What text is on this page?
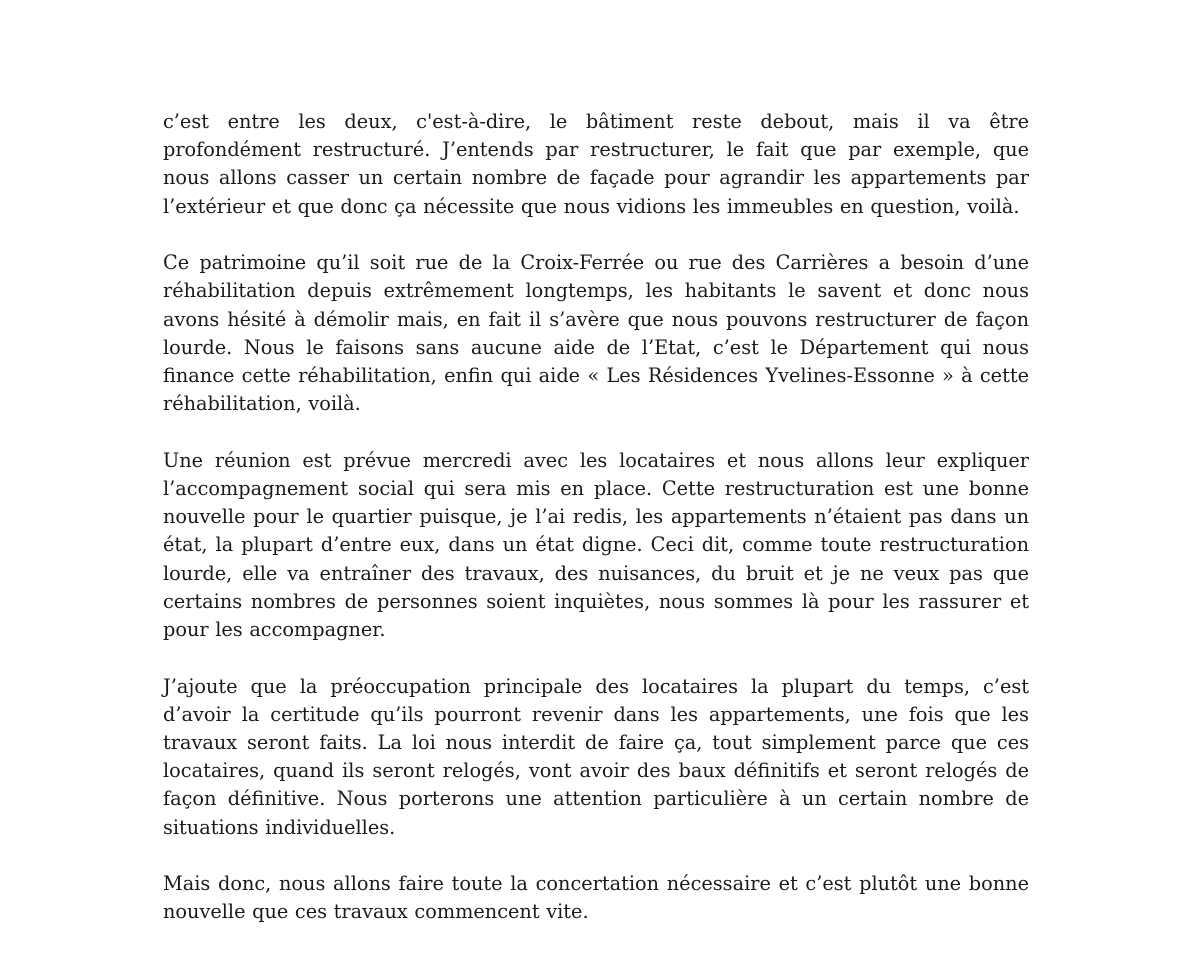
c’est entre les deux, c'est-à-dire, le bâtiment reste debout, mais il va être profondément restructuré. J’entends par restructurer, le fait que par exemple, que nous allons casser un certain nombre de façade pour agrandir les appartements par l’extérieur et que donc ça nécessite que nous vidions les immeubles en question, voilà.

Ce patrimoine qu’il soit rue de la Croix-Ferrée ou rue des Carrières a besoin d’une réhabilitation depuis extrêmement longtemps, les habitants le savent et donc nous avons hésité à démolir mais, en fait il s’avère que nous pouvons restructurer de façon lourde. Nous le faisons sans aucune aide de l’Etat, c’est le Département qui nous finance cette réhabilitation, enfin qui aide « Les Résidences Yvelines-Essonne » à cette réhabilitation, voilà.

Une réunion est prévue mercredi avec les locataires et nous allons leur expliquer l’accompagnement social qui sera mis en place. Cette restructuration est une bonne nouvelle pour le quartier puisque, je l’ai redis, les appartements n’étaient pas dans un état, la plupart d’entre eux, dans un état digne. Ceci dit, comme toute restructuration lourde, elle va entraîner des travaux, des nuisances, du bruit et je ne veux pas que certains nombres de personnes soient inquiètes, nous sommes là pour les rassurer et pour les accompagner.

J’ajoute que la préoccupation principale des locataires la plupart du temps, c’est d’avoir la certitude qu’ils pourront revenir dans les appartements, une fois que les travaux seront faits. La loi nous interdit de faire ça, tout simplement parce que ces locataires, quand ils seront relogés, vont avoir des baux définitifs et seront relogés de façon définitive. Nous porterons une attention particulière à un certain nombre de situations individuelles.

Mais donc, nous allons faire toute la concertation nécessaire et c’est plutôt une bonne nouvelle que ces travaux commencent vite.
